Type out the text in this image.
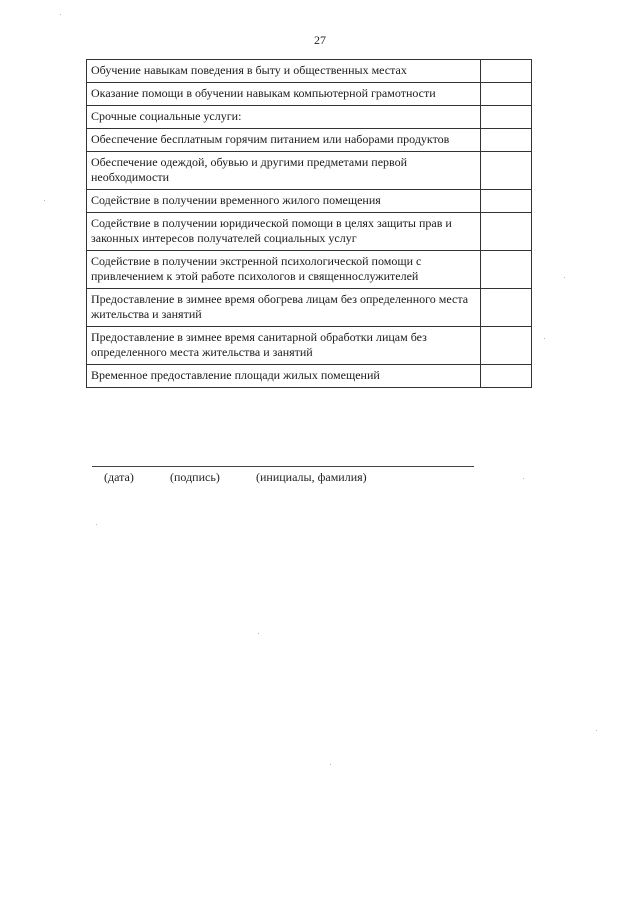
27
Обучение навыкам поведения в быту и общественных местах	
Оказание помощи в обучении навыкам компьютерной грамотности	
Срочные социальные услуги:	
Обеспечение бесплатным горячим питанием или наборами продуктов	
Обеспечение одеждой, обувью и другими предметами первой необходимости	
Содействие в получении временного жилого помещения	
Содействие в получении юридической помощи в целях защиты прав и законных интересов получателей социальных услуг	
Содействие в получении экстренной психологической помощи с привлечением к этой работе психологов и священнослужителей	
Предоставление в зимнее время обогрева лицам без определенного места жительства и занятий	
Предоставление в зимнее время санитарной обработки лицам без определенного места жительства и занятий	
Временное предоставление площади жилых помещений	
(дата)	(подпись)	(инициалы, фамилия)
